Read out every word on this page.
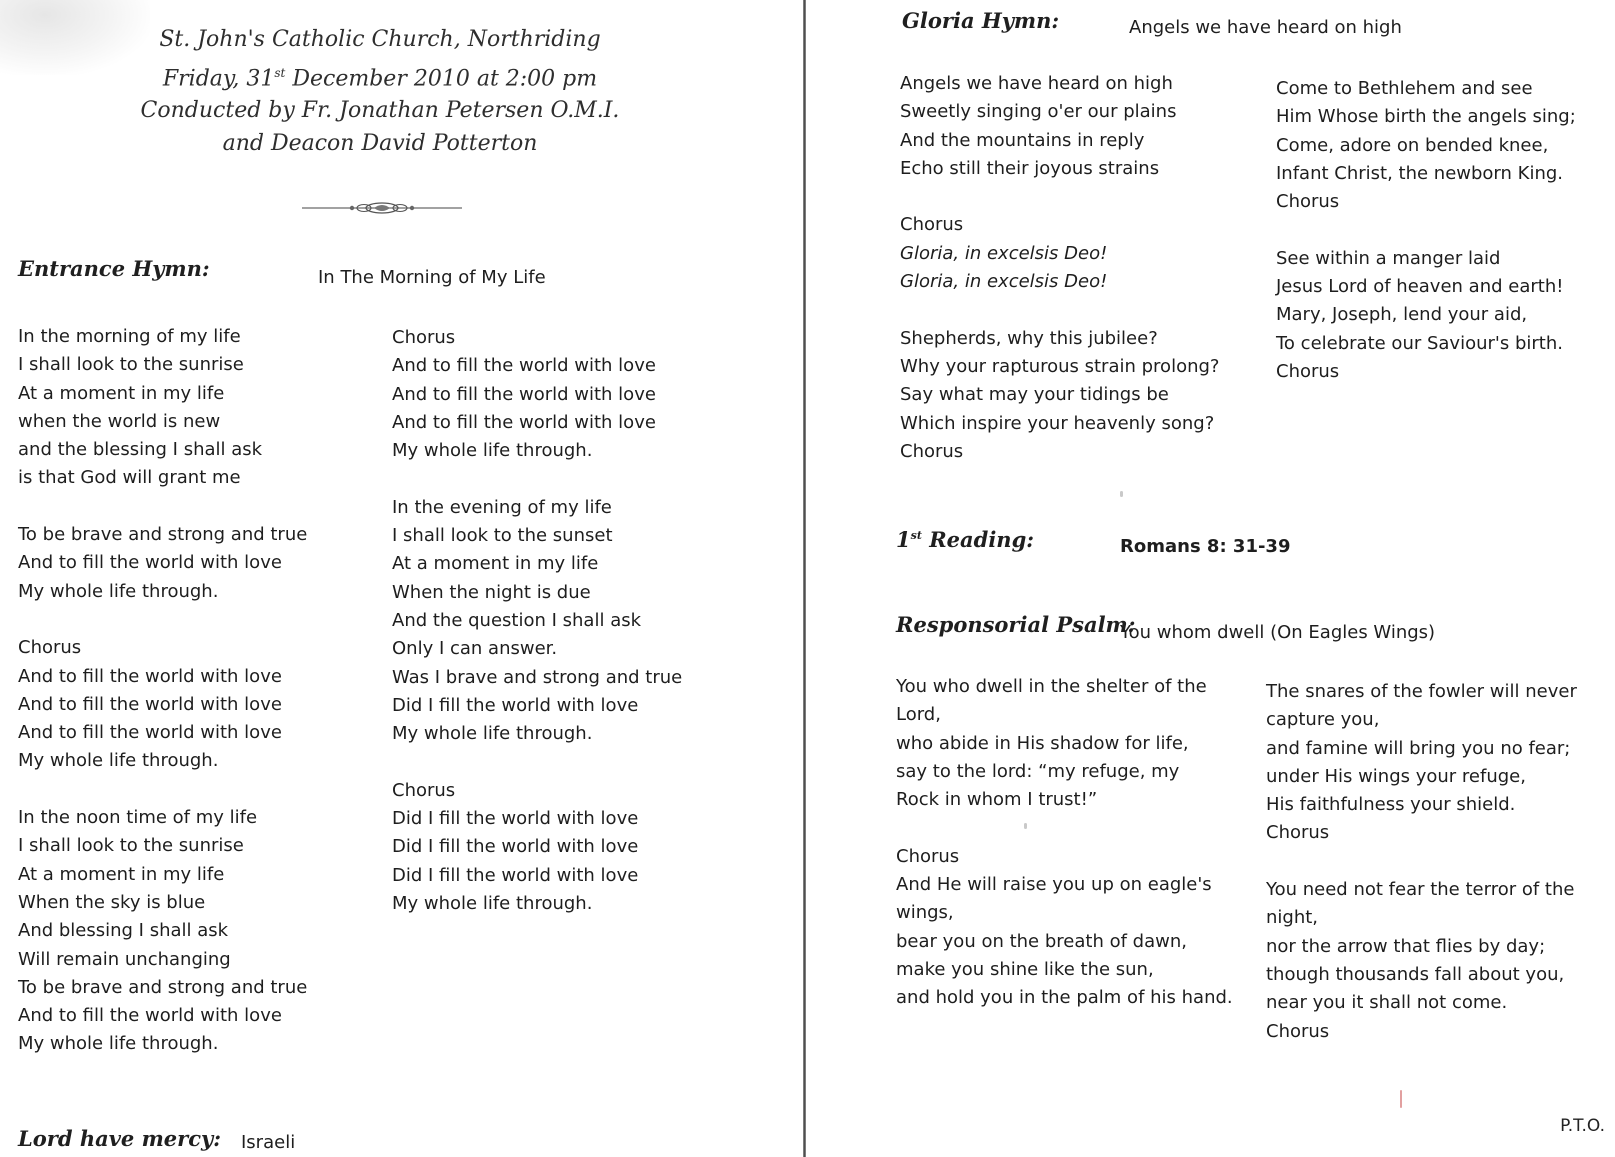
St. John's Catholic Church, Northriding
Friday, 31st December 2010 at 2:00 pm
Conducted by Fr. Jonathan Petersen O.M.I.
and Deacon David Potterton
Entrance Hymn:	In The Morning of My Life
In the morning of my life
I shall look to the sunrise
At a moment in my life
when the world is new
and the blessing I shall ask
is that God will grant me

To be brave and strong and true
And to fill the world with love
My whole life through.

Chorus
And to fill the world with love
And to fill the world with love
And to fill the world with love
My whole life through.

In the noon time of my life
I shall look to the sunrise
At a moment in my life
When the sky is blue
And blessing I shall ask
Will remain unchanging
To be brave and strong and true
And to fill the world with love
My whole life through.
Chorus
And to fill the world with love
And to fill the world with love
And to fill the world with love
My whole life through.

In the evening of my life
I shall look to the sunset
At a moment in my life
When the night is due
And the question I shall ask
Only I can answer.
Was I brave and strong and true
Did I fill the world with love
My whole life through.

Chorus
Did I fill the world with love
Did I fill the world with love
Did I fill the world with love
My whole life through.
Lord have mercy: Israeli
Gloria Hymn:	Angels we have heard on high
Angels we have heard on high
Sweetly singing o'er our plains
And the mountains in reply
Echo still their joyous strains

Chorus
Gloria, in excelsis Deo!
Gloria, in excelsis Deo!

Shepherds, why this jubilee?
Why your rapturous strain prolong?
Say what may your tidings be
Which inspire your heavenly song?
Chorus
Come to Bethlehem and see
Him Whose birth the angels sing;
Come, adore on bended knee,
Infant Christ, the newborn King.
Chorus

See within a manger laid
Jesus Lord of heaven and earth!
Mary, Joseph, lend your aid,
To celebrate our Saviour's birth.
Chorus
1st Reading:	Romans 8: 31-39
Responsorial Psalm:
You whom dwell (On Eagles Wings)
You who dwell in the shelter of the
Lord,
who abide in His shadow for life,
say to the lord: “my refuge, my
Rock in whom I trust!”

Chorus
And He will raise you up on eagle's
wings,
bear you on the breath of dawn,
make you shine like the sun,
and hold you in the palm of his hand.
The snares of the fowler will never
capture you,
and famine will bring you no fear;
under His wings your refuge,
His faithfulness your shield.
Chorus

You need not fear the terror of the
night,
nor the arrow that flies by day;
though thousands fall about you,
near you it shall not come.
Chorus
P.T.O.
